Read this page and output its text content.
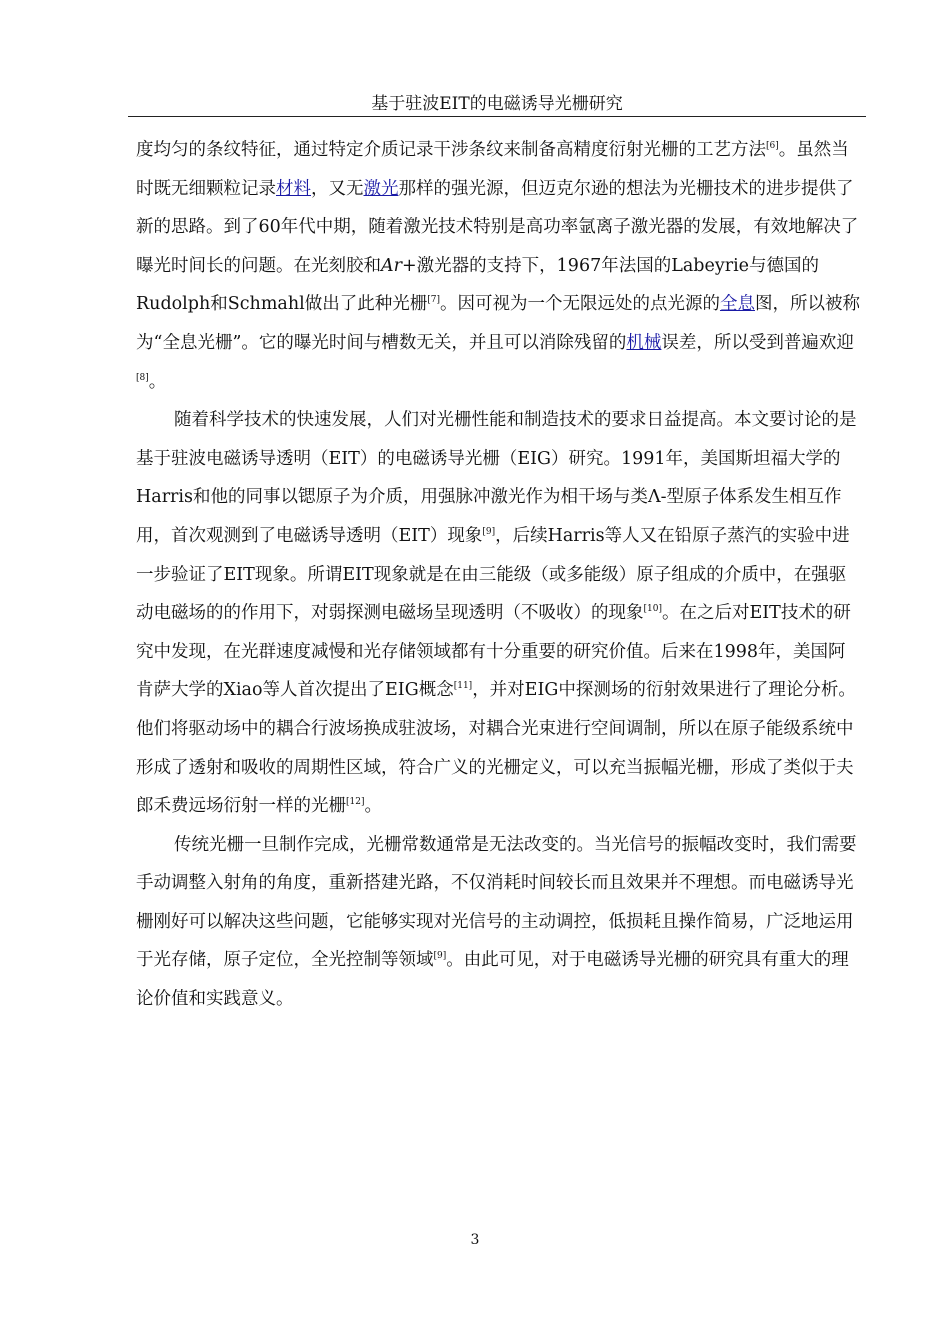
基于驻波EIT的电磁诱导光栅研究

度均匀的条纹特征，通过特定介质记录干涉条纹来制备高精度衍射光栅的工艺方法[6]。虽然当时既无细颗粒记录材料，又无激光那样的强光源，但迈克尔逊的想法为光栅技术的进步提供了新的思路。到了60年代中期，随着激光技术特别是高功率氩离子激光器的发展，有效地解决了曝光时间长的问题。在光刻胶和Ar+激光器的支持下，1967年法国的Labeyrie与德国的Rudolph和Schmahl做出了此种光栅[7]。因可视为一个无限远处的点光源的全息图，所以被称为“全息光栅”。它的曝光时间与槽数无关，并且可以消除残留的机械误差，所以受到普遍欢迎[8]。

随着科学技术的快速发展，人们对光栅性能和制造技术的要求日益提高。本文要讨论的是基于驻波电磁诱导透明（EIT）的电磁诱导光栅（EIG）研究。1991年，美国斯坦福大学的Harris和他的同事以锶原子为介质，用强脉冲激光作为相干场与类Λ-型原子体系发生相互作用，首次观测到了电磁诱导透明（EIT）现象[9]，后续Harris等人又在铅原子蒸汽的实验中进一步验证了EIT现象。所谓EIT现象就是在由三能级（或多能级）原子组成的介质中，在强驱动电磁场的的作用下，对弱探测电磁场呈现透明（不吸收）的现象[10]。在之后对EIT技术的研究中发现，在光群速度减慢和光存储领域都有十分重要的研究价值。后来在1998年，美国阿肯萨大学的Xiao等人首次提出了EIG概念[11]，并对EIG中探测场的衍射效果进行了理论分析。他们将驱动场中的耦合行波场换成驻波场，对耦合光束进行空间调制，所以在原子能级系统中形成了透射和吸收的周期性区域，符合广义的光栅定义，可以充当振幅光栅，形成了类似于夫郎禾费远场衍射一样的光栅[12]。

传统光栅一旦制作完成，光栅常数通常是无法改变的。当光信号的振幅改变时，我们需要手动调整入射角的角度，重新搭建光路，不仅消耗时间较长而且效果并不理想。而电磁诱导光栅刚好可以解决这些问题，它能够实现对光信号的主动调控，低损耗且操作简易，广泛地运用于光存储，原子定位，全光控制等领域[9]。由此可见，对于电磁诱导光栅的研究具有重大的理论价值和实践意义。

3
